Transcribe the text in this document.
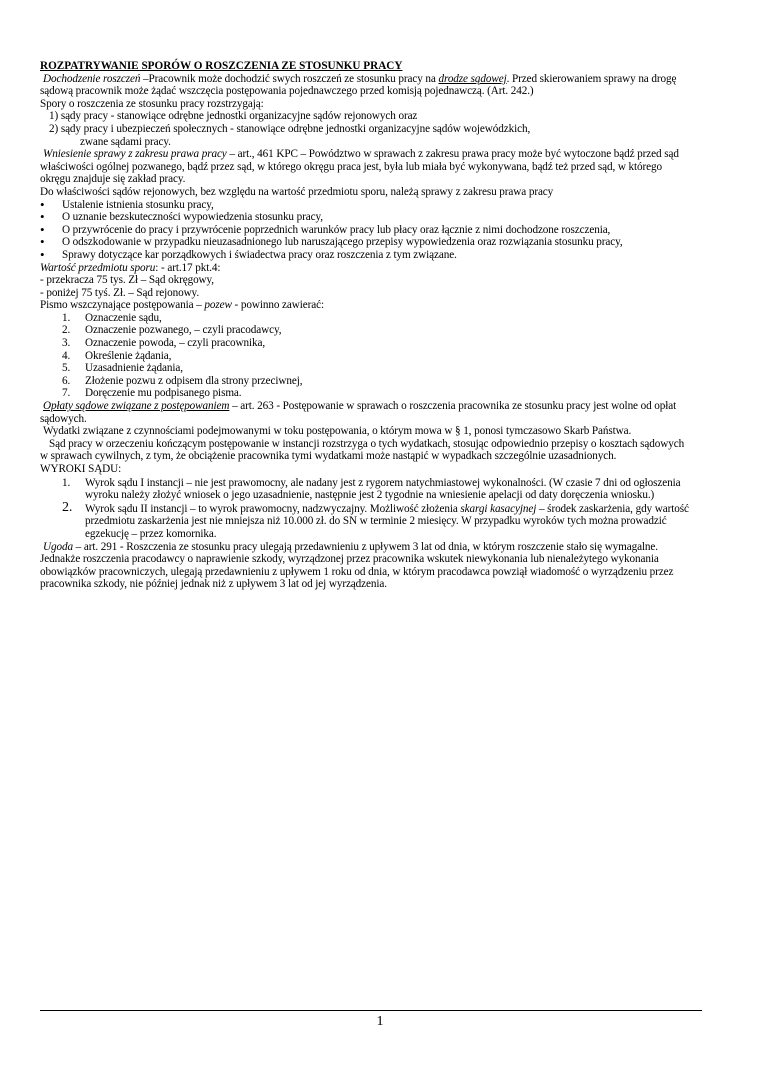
ROZPATRYWANIE SPORÓW O ROSZCZENIA ZE STOSUNKU PRACY
Dochodzenie roszczeń –Pracownik może dochodzić swych roszczeń ze stosunku pracy na drodze sądowej. Przed skierowaniem sprawy na drogę
sądową pracownik może żądać wszczęcia postępowania pojednawczego przed komisją pojednawczą. (Art. 242.)
Spory o roszczenia ze stosunku pracy rozstrzygają:
1) sądy pracy - stanowiące odrębne jednostki organizacyjne sądów rejonowych oraz
2) sądy pracy i ubezpieczeń społecznych - stanowiące odrębne jednostki organizacyjne sądów wojewódzkich,
zwane sądami pracy.
Wniesienie sprawy z zakresu prawa pracy – art., 461 KPC – Powództwo w sprawach z zakresu prawa pracy może być wytoczone bądź przed sąd
właściwości ogólnej pozwanego, bądź przez sąd, w którego okręgu praca jest, była lub miała być wykonywana, bądź też przed sąd, w którego
okręgu znajduje się zakład pracy.
Do właściwości sądów rejonowych, bez względu na wartość przedmiotu sporu, należą sprawy z zakresu prawa pracy
• Ustalenie istnienia stosunku pracy,
• O uznanie bezskuteczności wypowiedzenia stosunku pracy,
• O przywrócenie do pracy i przywrócenie poprzednich warunków pracy lub płacy oraz łącznie z nimi dochodzone roszczenia,
• O odszkodowanie w przypadku nieuzasadnionego lub naruszającego przepisy wypowiedzenia oraz rozwiązania stosunku pracy,
• Sprawy dotyczące kar porządkowych i świadectwa pracy oraz roszczenia z tym związane.
Wartość przedmiotu sporu: - art.17 pkt.4:
- przekracza 75 tys. Zł – Sąd okręgowy,
- poniżej 75 tyś. Zł. – Sąd rejonowy.
Pismo wszczynające postępowania – pozew - powinno zawierać:
1. Oznaczenie sądu,
2. Oznaczenie pozwanego, – czyli pracodawcy,
3. Oznaczenie powoda, – czyli pracownika,
4. Określenie żądania,
5. Uzasadnienie żądania,
6. Złożenie pozwu z odpisem dla strony przeciwnej,
7. Doręczenie mu podpisanego pisma.
Opłaty sądowe związane z postępowaniem – art. 263 - Postępowanie w sprawach o roszczenia pracownika ze stosunku pracy jest wolne od opłat
sądowych.
Wydatki związane z czynnościami podejmowanymi w toku postępowania, o którym mowa w § 1, ponosi tymczasowo Skarb Państwa.
Sąd pracy w orzeczeniu kończącym postępowanie w instancji rozstrzyga o tych wydatkach, stosując odpowiednio przepisy o kosztach sądowych
w sprawach cywilnych, z tym, że obciążenie pracownika tymi wydatkami może nastąpić w wypadkach szczególnie uzasadnionych.
WYROKI SĄDU:
1. Wyrok sądu I instancji – nie jest prawomocny, ale nadany jest z rygorem natychmiastowej wykonalności. (W czasie 7 dni od ogłoszenia
wyroku należy złożyć wniosek o jego uzasadnienie, następnie jest 2 tygodnie na wniesienie apelacji od daty doręczenia wniosku.)
2. Wyrok sądu II instancji – to wyrok prawomocny, nadzwyczajny. Możliwość złożenia skargi kasacyjnej – środek zaskarżenia, gdy wartość
przedmiotu zaskarżenia jest nie mniejsza niż 10.000 zł. do SN w terminie 2 miesięcy. W przypadku wyroków tych można prowadzić
egzekucję – przez komornika.
Ugoda – art. 291 - Roszczenia ze stosunku pracy ulegają przedawnieniu z upływem 3 lat od dnia, w którym roszczenie stało się wymagalne.
Jednakże roszczenia pracodawcy o naprawienie szkody, wyrządzonej przez pracownika wskutek niewykonania lub nienależytego wykonania
obowiązków pracowniczych, ulegają przedawnieniu z upływem 1 roku od dnia, w którym pracodawca powziął wiadomość o wyrządzeniu przez
pracownika szkody, nie później jednak niż z upływem 3 lat od jej wyrządzenia.
1
